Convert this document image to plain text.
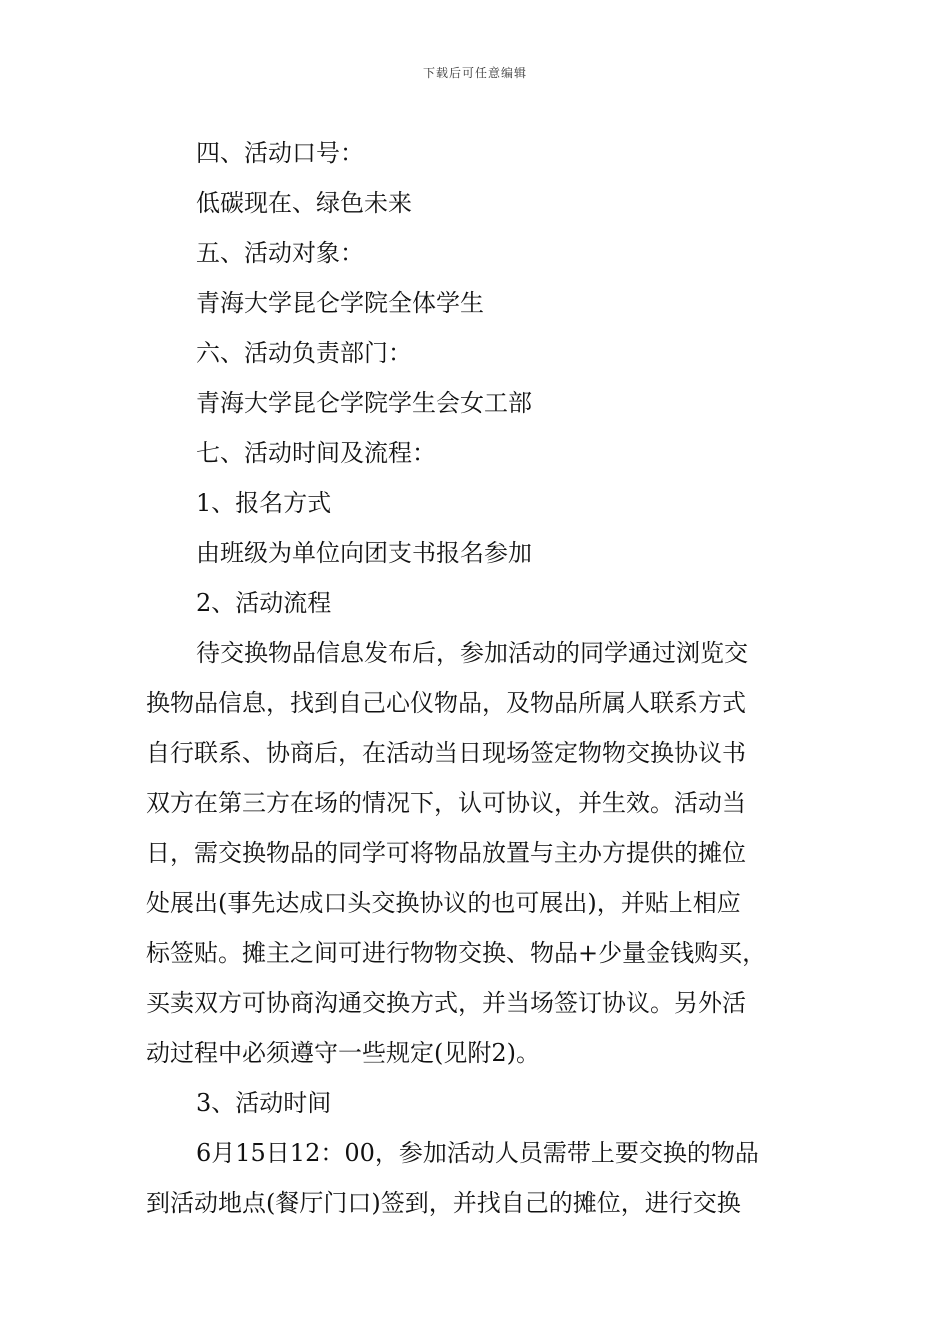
下载后可任意编辑
四、活动口号：
低碳现在、绿色未来
五、活动对象：
青海大学昆仑学院全体学生
六、活动负责部门：
青海大学昆仑学院学生会女工部
七、活动时间及流程：
1、报名方式
由班级为单位向团支书报名参加
2、活动流程
待交换物品信息发布后，参加活动的同学通过浏览交
换物品信息，找到自己心仪物品，及物品所属人联系方式
自行联系、协商后，在活动当日现场签定物物交换协议书
双方在第三方在场的情况下，认可协议，并生效。活动当
日，需交换物品的同学可将物品放置与主办方提供的摊位
处展出(事先达成口头交换协议的也可展出)，并贴上相应
标签贴。摊主之间可进行物物交换、物品+少量金钱购买，
买卖双方可协商沟通交换方式，并当场签订协议。另外活
动过程中必须遵守一些规定(见附2)。
3、活动时间
6月15日12：00，参加活动人员需带上要交换的物品
到活动地点(餐厅门口)签到，并找自己的摊位，进行交换
